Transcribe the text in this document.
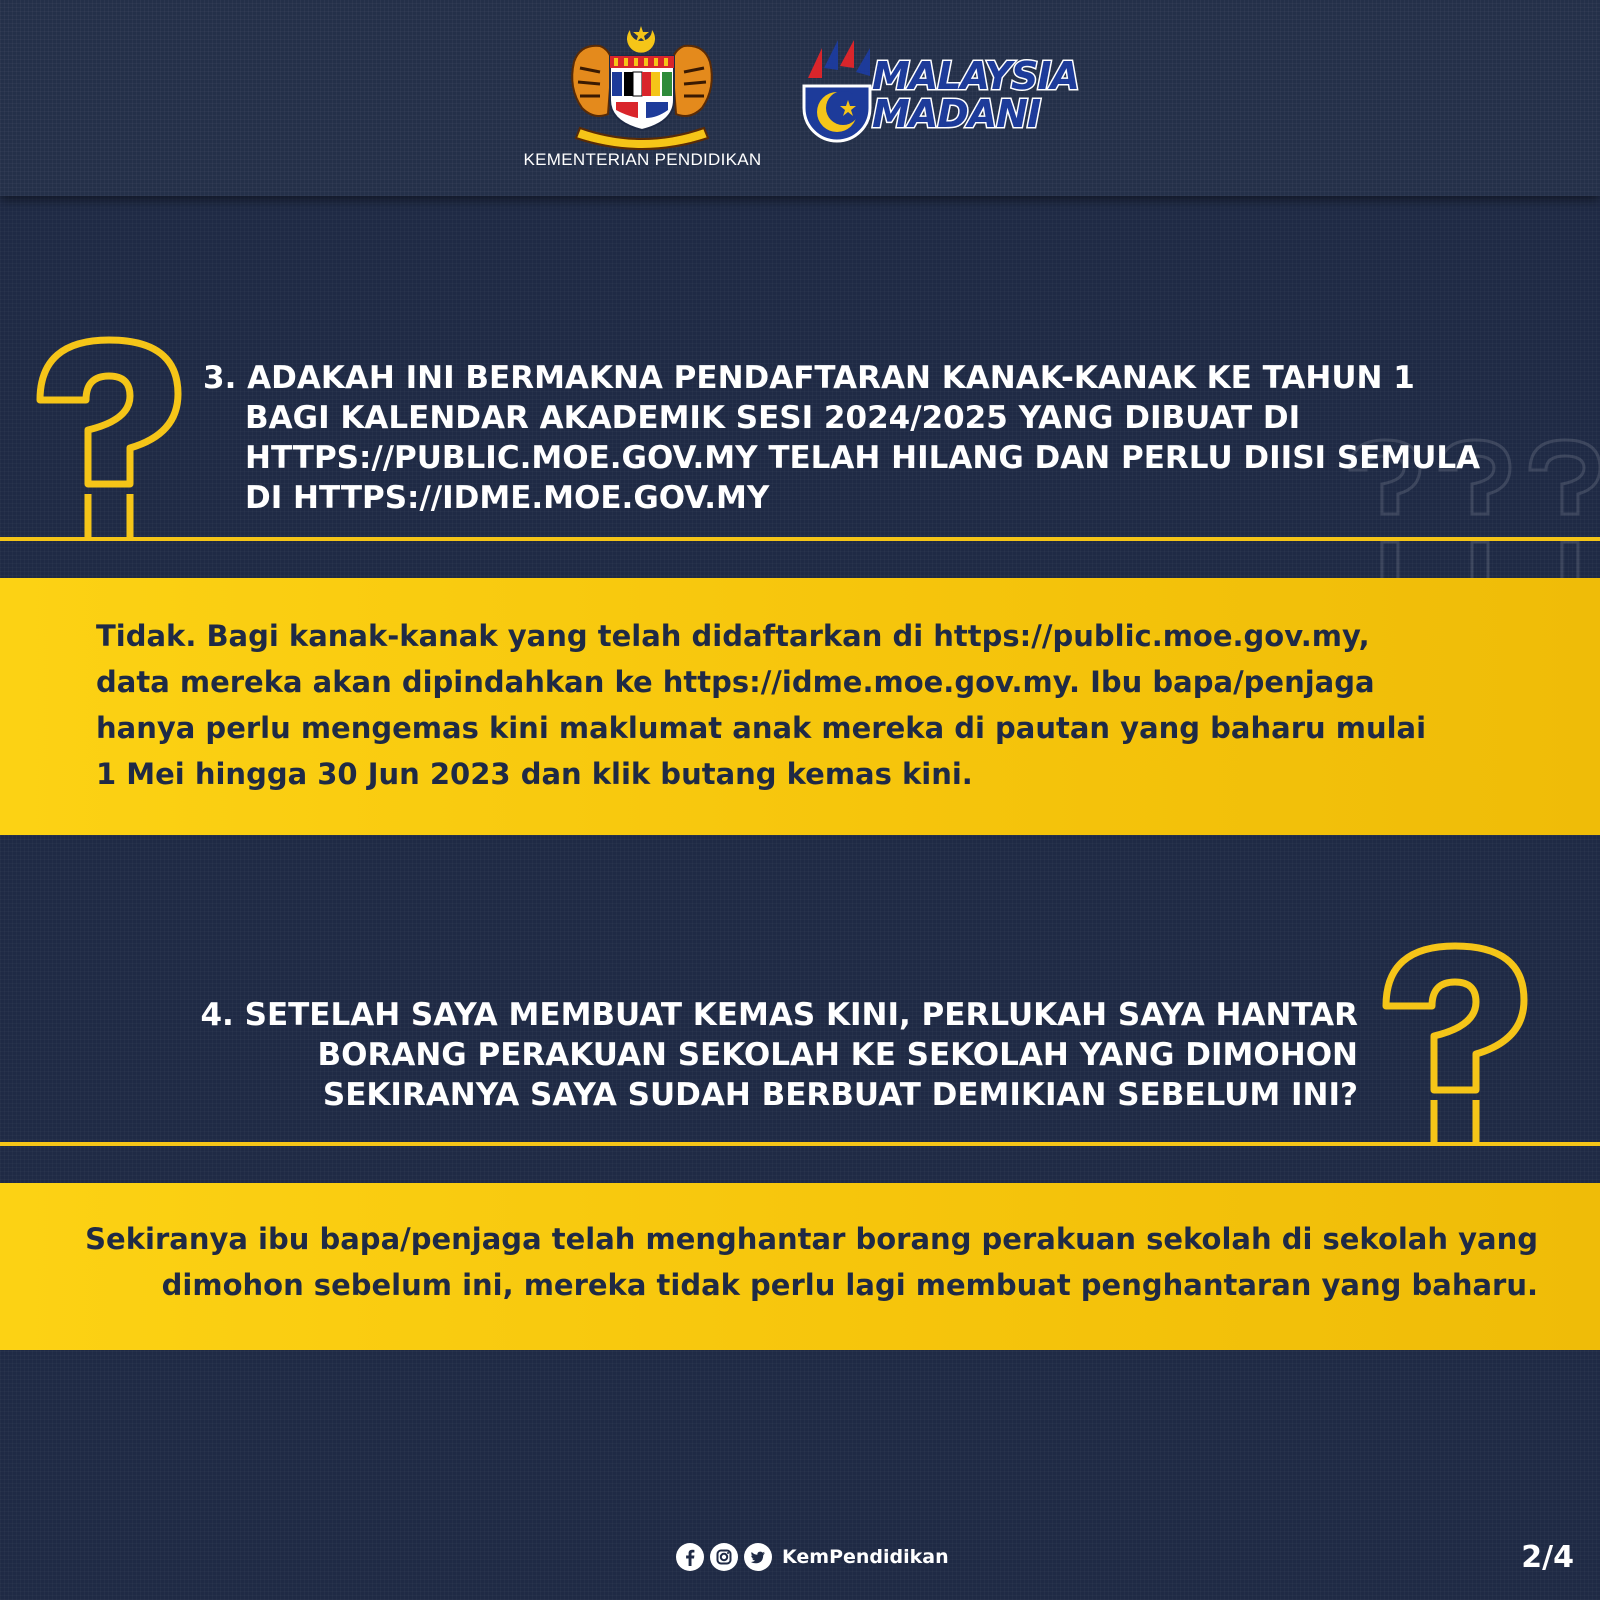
KEMENTERIAN PENDIDIKAN
MALAYSIA
MADANI
3. ADAKAH INI BERMAKNA PENDAFTARAN KANAK-KANAK KE TAHUN 1
BAGI KALENDAR AKADEMIK SESI 2024/2025 YANG DIBUAT DI
HTTPS://PUBLIC.MOE.GOV.MY TELAH HILANG DAN PERLU DIISI SEMULA
DI HTTPS://IDME.MOE.GOV.MY

Tidak. Bagi kanak-kanak yang telah didaftarkan di https://public.moe.gov.my,
data mereka akan dipindahkan ke https://idme.moe.gov.my. Ibu bapa/penjaga
hanya perlu mengemas kini maklumat anak mereka di pautan yang baharu mulai
1 Mei hingga 30 Jun 2023 dan klik butang kemas kini.

4. SETELAH SAYA MEMBUAT KEMAS KINI, PERLUKAH SAYA HANTAR
BORANG PERAKUAN SEKOLAH KE SEKOLAH YANG DIMOHON
SEKIRANYA SAYA SUDAH BERBUAT DEMIKIAN SEBELUM INI?

Sekiranya ibu bapa/penjaga telah menghantar borang perakuan sekolah di sekolah yang
dimohon sebelum ini, mereka tidak perlu lagi membuat penghantaran yang baharu.

KemPendidikan	2/4
